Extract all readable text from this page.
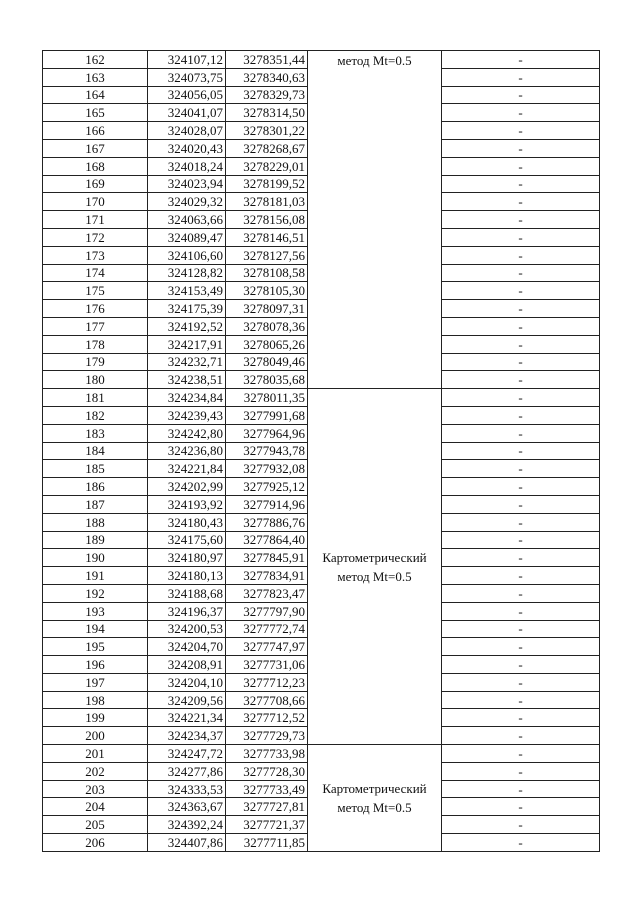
162	324107,12	3278351,44	метод Mt=0.5	-
163	324073,75	3278340,63		-
164	324056,05	3278329,73		-
165	324041,07	3278314,50		-
166	324028,07	3278301,22		-
167	324020,43	3278268,67		-
168	324018,24	3278229,01		-
169	324023,94	3278199,52		-
170	324029,32	3278181,03		-
171	324063,66	3278156,08		-
172	324089,47	3278146,51		-
173	324106,60	3278127,56		-
174	324128,82	3278108,58		-
175	324153,49	3278105,30		-
176	324175,39	3278097,31		-
177	324192,52	3278078,36		-
178	324217,91	3278065,26		-
179	324232,71	3278049,46		-
180	324238,51	3278035,68		-
181	324234,84	3278011,35	Картометрический метод Mt=0.5	-
182	324239,43	3277991,68		-
183	324242,80	3277964,96		-
184	324236,80	3277943,78		-
185	324221,84	3277932,08		-
186	324202,99	3277925,12		-
187	324193,92	3277914,96		-
188	324180,43	3277886,76		-
189	324175,60	3277864,40		-
190	324180,97	3277845,91		-
191	324180,13	3277834,91		-
192	324188,68	3277823,47		-
193	324196,37	3277797,90		-
194	324200,53	3277772,74		-
195	324204,70	3277747,97		-
196	324208,91	3277731,06		-
197	324204,10	3277712,23		-
198	324209,56	3277708,66		-
199	324221,34	3277712,52		-
200	324234,37	3277729,73		-
201	324247,72	3277733,98	Картометрический метод Mt=0.5	-
202	324277,86	3277728,30		-
203	324333,53	3277733,49		-
204	324363,67	3277727,81		-
205	324392,24	3277721,37		-
206	324407,86	3277711,85		-
